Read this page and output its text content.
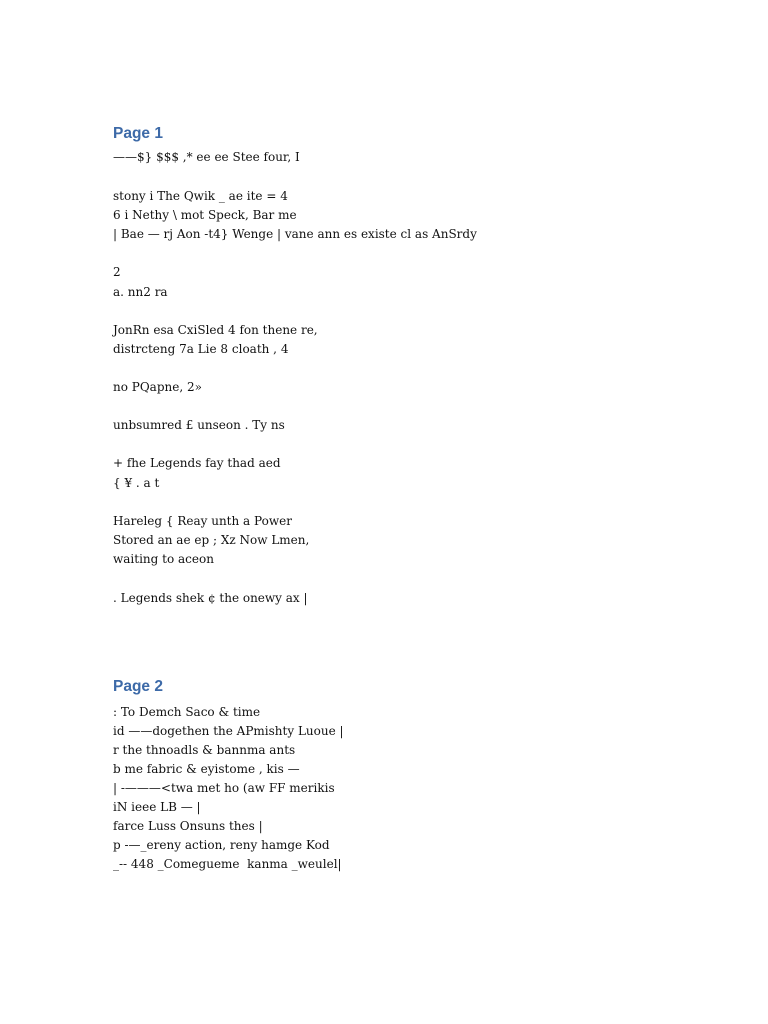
Page 1

——$} $$$ ,* ee ee Stee four, I

stony i The Qwik _ ae ite = 4

6 i Nethy \ mot Speck, Bar me

| Bae — rj Aon -t4} Wenge | vane ann es existe cl as AnSrdy

2

a. nn2 ra

JonRn esa CxiSled 4 fon thene re,

distrcteng 7a Lie 8 cloath , 4

no PQapne, 2»

unbsumred £ unseon . Ty ns

+ fhe Legends fay thad aed

{ ¥ . a t

Hareleg { Reay unth a Power

Stored an ae ep ; Xz Now Lmen,

waiting to aceon

. Legends shek ¢ the onewy ax |

Page 2

: To Demch Saco & time

id ——dogethen the APmishty Luoue |

r the thnoadls & bannma ants

b me fabric & eyistome , kis —

| -———<twa met ho (aw FF merikis

iN ieee LB — |

farce Luss Onsuns thes |

p -—_ereny action, reny hamge Kod

_-- 448 _Comegueme  kanma _weulel|
